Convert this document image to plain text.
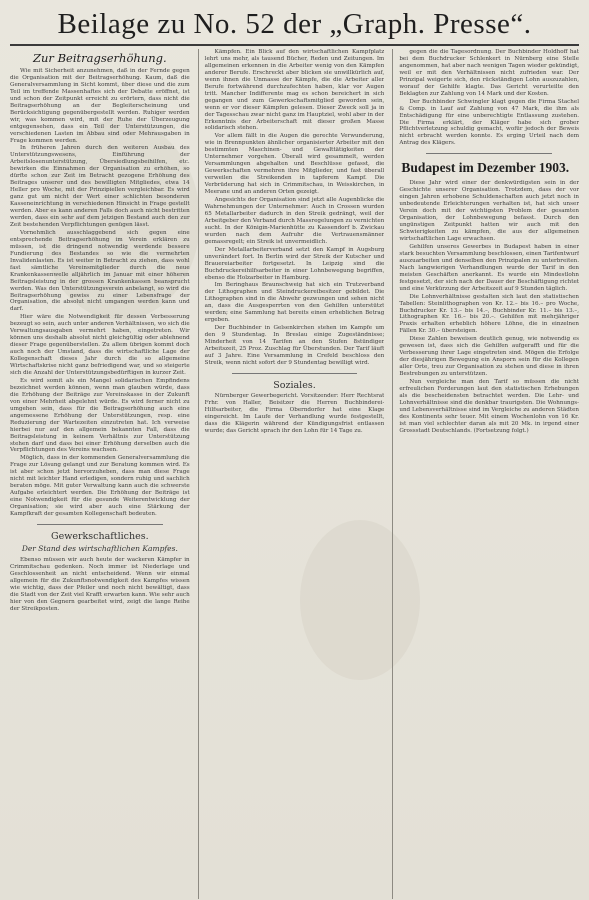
Beilage zu No. 52 der „Graph. Presse“.
Zur Beitragserhöhung.

Wie mit Sicherheit anzunehmen, daß in der Fernde gegen die Organisation mit der Beitragserhöhung. Kaum, daß die Generalversammlung in Sicht kommt, über diese und die zum Teil im treffende Massenhaftes sich der Debatte eröffnet, ist und schon der Zeitpunkt erreicht zu erörtern, dass nicht die Beitragserhöhung an der Begleiterscheinung und Berücksichtigung gegenübergestellt werden. Ruhiger werden wir, was kommen wird, mit der Ruhe der Überzeugung entgegensehen, dass ein Teil der Unterstützungen, die verschiedenen Lasten im Abbau sind oder Mehrausgaben in Frage kommen werden.

In früheren Jahren durch den weiteren Ausbau des Unterstützungswesens, Einführung der Arbeitslosenunterstützung, Übersiedlungsbeihilfen, etc. bewirken die Einnahmen der Organisation zu erhöhen, so dürfte schon zur Zeit im Betracht gezogene Erhöhung des Beitrages unserer und des bewilligten Mitgliedes, etwa 14 Heller pro Woche, mit der Prinzipiellen vergleichbar. Es wird ganz gut um nicht der Wert einer schlichten besonderen Kasseneinrichtung in verschiedenen Hinsicht in Frage gestellt werden. Aber es kann anderen Falls doch auch nicht bestritten werden, dass ein sehr auf dem jetzigen Bestand auch den zur Zeit bestehenden Verpflichtungen genügen lässt.

Vornehmlich ausschlaggebend sich gegen eine entsprechende Beitragserhöhung im Verein erklären zu müssen, ist die dringend notwendig werdende bessere Fundierung des Bestandes so wie die vermehrten Invalidenlasten. Es ist weiter in Betracht zu ziehen, dass wohl fast sämtliche Vereinsmitglieder durch die neue Krankenkassenwelle alljährlich im Januar mit einer höheren Beitragsleistung in der grossen Krankenkassen beansprucht werden. Was den Unterstützungsverein anbelangt, so wird die Beitragserhöhung gewiss zu einer Lebensfrage der Organisation, die absolut nicht umgangen werden kann und darf.

Hier wäre die Notwendigkeit für dessen Verbesserung bezeugt so sein, auch unter anderen Verhältnissen, wo sich die Verwaltungsausgaben vermehrt haben, eingetreten. Wir können uns deshalb absolut nicht gleichgültig oder ablehnend dieser Frage gegenüberstellen. Zu allem übrigen kommt doch auch noch der Umstand, dass die wirtschaftliche Lage der Kollegenschaft dieses Jahr durch die so allgemeine Wirtschaftskrise nicht ganz befriedigend war, und so steigerte sich die Anzahl der Unterstützungsbedürftigen in kurzer Zeit.

Es wird somit als ein Mangel solidarischen Empfindens bezeichnet werden können, wenn man glauben würde, dass die Erhöhung der Beiträge zur Vereinskasse in der Zukunft von einer Mehrheit abgelehnt würde. Es wird ferner nicht zu umgehen sein, dass für die Beitragserhöhung auch eine angemessene Erhöhung der Unterstützungen, resp. eine Reduzierung der Wartezeiten einzutreten hat. Ich verweise hierbei nur auf den allgemein bekannten Fall, dass die Beitragsleistung in keinem Verhältnis zur Unterstützung stehen darf und dass bei einer Erhöhung derselben auch die Verpflichtungen des Vereins wachsen.

Möglich, dass in der kommenden Generalversammlung die Frage zur Lösung gelangt und zur Beratung kommen wird. Es ist aber schon jetzt hervorzuheben, dass man diese Frage nicht mit leichter Hand erledigen, sondern ruhig und sachlich beraten möge. Mit guter Verwaltung kann auch die schwerste Aufgabe erleichtert werden. Die Erhöhung der Beiträge ist eine Notwendigkeit für die gesunde Weiterentwicklung der Organisation; sie wird aber auch eine Stärkung der Kampfkraft der gesamten Kollegenschaft bedeuten.

Gewerkschaftliches.
Der Stand des wirtschaftlichen Kampfes.

Ebenso müssen wir auch heute der wackeren Kämpfer in Crimmitschau gedenken. Noch immer ist Niederlage und Geschlossenheit an nicht entscheidend. Wenn wir einmal allgemein für die Zukunftsnotwendigkeit des Kampfes wissen wie wichtig, dass der Pfeiler und noch nicht bewältigt, dass die Stadt von der Zeit viel Krafft erwarten kann. Wie sehr auch hier von den Gegnern gearbeitet wird, zeigt die lange Reihe der Streikposten.

Kämpfen. Ein Blick auf den wirtschaftlichen Kampfplatz lehrt uns mehr, als tausend Bücher, Reden und Zeitungen. Im allgemeinen erkennen in die Arbeiter wenig von den Kämpfen anderer Berufe. Erschreckt aber blicken sie unwillkürlich auf, wenn ihnen die Unmasse der Kämpfe, die die Arbeiter aller Berufe fortwährend durchzufechten haben, klar vor Augen tritt. Mancher Indifferente mag es schon bereichert in sich gegangen und zum Gewerkschaftsmitglied geworden sein, wenn er vor dieser Kämpfen gelesen. Dieser Zweck soll ja in der Tagesschau zwar nicht ganz im Hauptziel, wohl aber in der Erkenntnis der Arbeiterschaft mit dieser großen Masse solidarisch stehen.

Vor allem fällt in die Augen die gerechte Verwunderung, wie in Brennpunkten ähnlicher organisierter Arbeiter mit den bestimmten Maschinen- und Gewalttätigkeiten der Unternehmer vorgehen. Überall wird gesammelt, werden Versammlungen abgehalten und Beschlüsse gefasst, die Gewerkschaften vermehren ihre Mitglieder, und fast überall verweilen die Streikenden in tapferem Kampf. Die Verbrüderung hat sich in Crimmitschau, in Weisskirchen, in Meerane und an anderen Orten gezeigt.

Angesichts der Organisation sind jetzt alle Augenblicke die Wahrnehmungen der Unternehmer: Auch in Crossen wurden 65 Metallarbeiter dadurch in den Streik gedrängt, weil der Arbeitgeber den Verband durch Massregelungen zu vernichten sucht. In der Königin-Marienhütte zu Kassendorf b. Zwickau wurden nach dem Aufruhr die Vertrauensmänner gemassregelt; ein Streik ist unvermeidlich.

Der Metallarbeiterverband setzt den Kampf in Augsburg unverändert fort. In Berlin wird der Streik der Kutscher und Brauereiarbeiter fortgesetzt. In Leipzig sind die Buchdruckereihilfsarbeiter in einer Lohnbewegung begriffen, ebenso die Holzarbeiter in Hamburg.

Im Beringhaus Braunschweig hat sich ein Trutzverband der Lithographen und Steindruckereibesitzer gebildet. Die Lithographen sind in die Abwehr gezwungen und sehen nicht an, dass die Ausgesperrten von den Gehilfen unterstützt werden; eine Sammlung hat bereits einen erheblichen Betrag ergeben.

Der Buchbinder in Gelsenkirchen stehen im Kampfe um den 9 Stundentag. In Breslau einige Zugeständnisse; Minderheit von 14 Tarifen an den Stufen 8stündiger Arbeitszeit, 25 Proz. Zuschlag für Überstunden. Der Tarif läuft auf 3 Jahre. Eine Versammlung in Crefeld beschloss den Streik, wenn nicht sofort der 9 Stundentag bewilligt wird.

Soziales.

Nürnberger Gewerbegericht. Vorsitzender: Herr Rechtsrat Frhr. von Haller, Beisitzer die Herren Buchbinderei-Hilfsarbeiter, die Firma Oberndorfer hat eine Klage eingereicht. Im Laufe der Verhandlung wurde festgestellt, dass die Klägerin während der Kündigungsfrist entlassen wurde; das Gericht sprach ihr den Lohn für 14 Tage zu.

gegen die die Tagesordnung. Der Buchbinder Holdhoff hat bei dem Buchdrucker Schlenkert in Nürnberg eine Stelle angenommen, hat aber nach wenigen Tagen wieder gekündigt, weil er mit den Verhältnissen nicht zufrieden war. Der Prinzipal weigerte sich, den rückständigen Lohn auszuzahlen, worauf der Gehilfe klagte. Das Gericht verurteilte den Beklagten zur Zahlung von 14 Mark und der Kosten.

Der Buchbinder Schwingler klagt gegen die Firma Stachel & Comp. in Lauf auf Zahlung von 47 Mark, die ihm als Entschädigung für eine unberechtigte Entlassung zustehen. Die Firma erklärt, der Kläger habe sich grober Pflichtverletzung schuldig gemacht, wofür jedoch der Beweis nicht erbracht werden konnte. Es erging Urteil nach dem Antrag des Klägers.

Budapest im Dezember 1903.

Diese Jahr wird einer der denkwürdigsten sein in der Geschichte unserer Organisation. Trotzdem, dass der vor eingen Jahren erhobene Schuldenschaften auch jetzt noch in unbedeutende Erleichterungen verhalten ist, hat sich unser Verein doch mit der wichtigsten Problem der gesamten Organisation, der Lohnbewegung befasst. Durch den ungünstigen Zeitpunkt hatten wir auch mit den Schwierigkeiten zu kämpfen, die aus der allgemeinen wirtschaftlichen Lage erwachsen.

Gehilfen unseres Gewerbes in Budapest haben in einer stark besuchten Versammlung beschlossen, einen Tarifentwurf auszuarbeiten und denselben den Prinzipalen zu unterbreiten. Nach langwierigen Verhandlungen wurde der Tarif in den meisten Geschäften anerkannt. Es wurde ein Mindestlohn festgesetzt, der sich nach der Dauer der Beschäftigung richtet und eine Verkürzung der Arbeitszeit auf 9 Stunden täglich.

Die Lohnverhältnisse gestalten sich laut den statistischen Tabellen: Steinlithographen von Kr. 12.– bis 16.– pro Woche, Buchdrucker Kr. 13.– bis 14.–, Buchbinder Kr. 11.– bis 13.–, Lithographen Kr. 16.– bis 20.–. Gehilfen mit mehrjähriger Praxis erhalten erheblich höhere Löhne, die in einzelnen Fällen Kr. 30.– übersteigen.

Diese Zahlen beweisen deutlich genug, wie notwendig es gewesen ist, dass sich die Gehilfen aufgerafft und für die Verbesserung ihrer Lage eingetreten sind. Mögen die Erfolge der diesjährigen Bewegung ein Ansporn sein für die Kollegen aller Orte, treu zur Organisation zu stehen und diese in ihren Bestrebungen zu unterstützen.

Nun vergleiche man den Tarif so müssen die nicht erfreulichen Forderungen laut den statistischen Erhebungen als die bescheidensten betrachtet werden. Die Lehr- und Lohnverhältnisse sind die denkbar traurigsten. Die Wohnungs- und Lebensverhältnisse sind im Vergleiche zu anderen Städten des Kontinents sehr teuer. Mit einem Wochenlohn von 16 Kr. ist man viel schlechter daran als mit 20 Mk. in irgend einer Grossstadt Deutschlands. (Fortsetzung folgt.)
